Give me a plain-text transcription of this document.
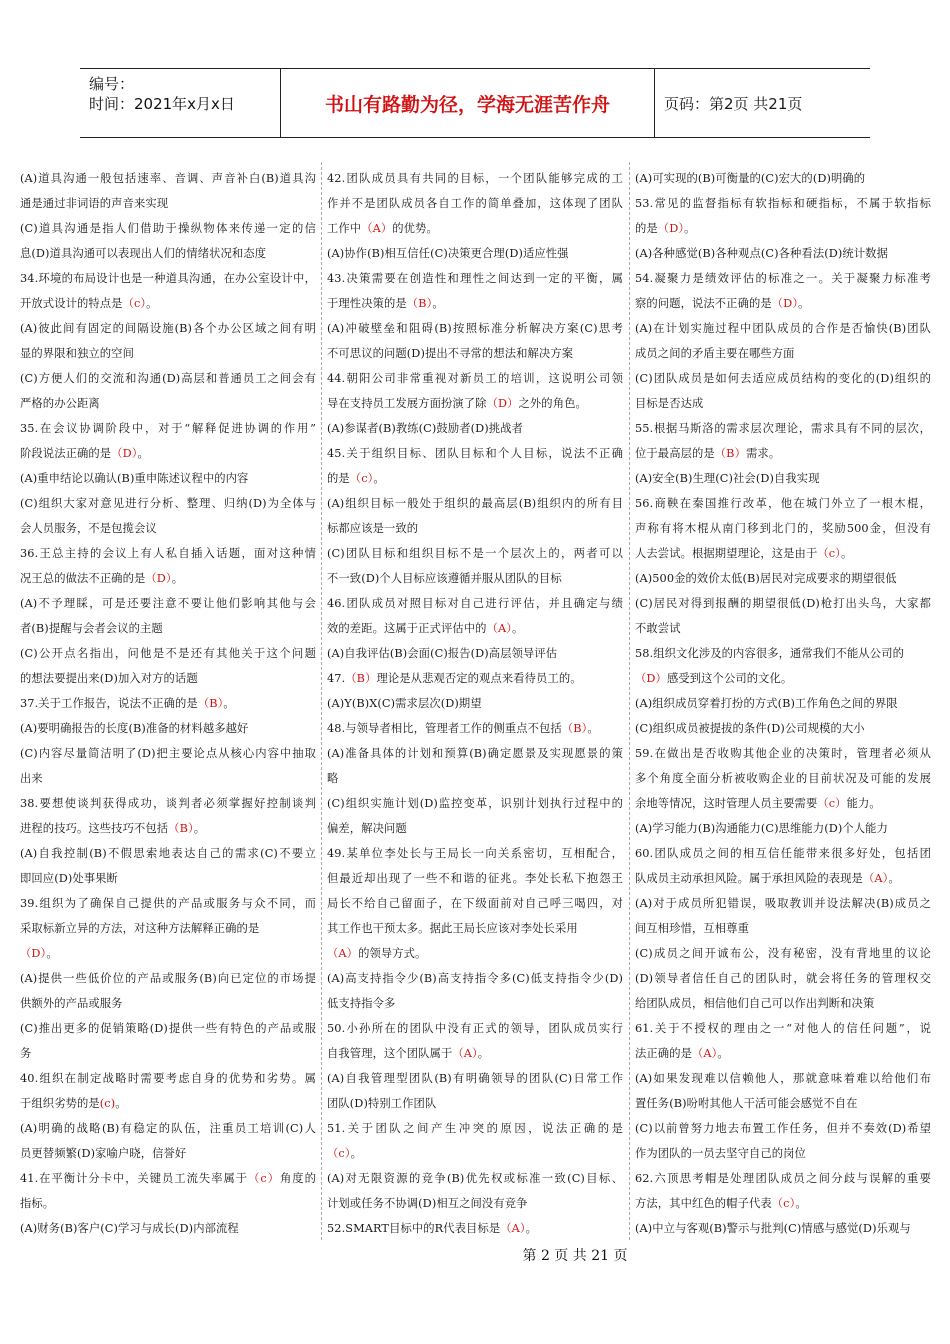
编号：
时间：2021年x月x日	书山有路勤为径，学海无涯苦作舟	页码：第2页 共21页
(A)道具沟通一般包括速率、音调、声音补白(B)道具沟
通是通过非词语的声音来实现
(C)道具沟通是指人们借助于操纵物体来传递一定的信
息(D)道具沟通可以表现出人们的情绪状况和态度
34.环境的布局设计也是一种道具沟通，在办公室设计中，
开放式设计的特点是（c）。
(A)彼此间有固定的间隔设施(B)各个办公区域之间有明
显的界限和独立的空间
(C)方便人们的交流和沟通(D)高层和普通员工之间会有
严格的办公距离
35.在会议协调阶段中，对于“解释促进协调的作用”
阶段说法正确的是（D）。
(A)重申结论以确认(B)重申陈述议程中的内容
(C)组织大家对意见进行分析、整理、归纳(D)为全体与
会人员服务，不是包揽会议
36.王总主持的会议上有人私自插入话题，面对这种情
况王总的做法不正确的是（D）。
(A)不予理睬，可是还要注意不要让他们影响其他与会
者(B)提醒与会者会议的主题
(C)公开点名指出，问他是不是还有其他关于这个问题
的想法要提出来(D)加入对方的话题
37.关于工作报告，说法不正确的是（B）。
(A)要明确报告的长度(B)准备的材料越多越好
(C)内容尽量简洁明了(D)把主要论点从核心内容中抽取
出来
38.要想使谈判获得成功，谈判者必须掌握好控制谈判
进程的技巧。这些技巧不包括（B）。
(A)自我控制(B)不假思索地表达自己的需求(C)不要立
即回应(D)处事果断
39.组织为了确保自己提供的产品或服务与众不同，而
采取标新立异的方法，对这种方法解释正确的是
（D）。
(A)提供一些低价位的产品或服务(B)向已定位的市场提
供额外的产品或服务
(C)推出更多的促销策略(D)提供一些有特色的产品或服
务
40.组织在制定战略时需要考虑自身的优势和劣势。属
于组织劣势的是(c)。
(A)明确的战略(B)有稳定的队伍，注重员工培训(C)人
员更替频繁(D)家喻户晓，信誉好
41.在平衡计分卡中，关键员工流失率属于（c）角度的
指标。
(A)财务(B)客户(C)学习与成长(D)内部流程
42.团队成员具有共同的目标，一个团队能够完成的工
作并不是团队成员各自工作的简单叠加，这体现了团队
工作中（A）的优势。
(A)协作(B)相互信任(C)决策更合理(D)适应性强
43.决策需要在创造性和理性之间达到一定的平衡，属
于理性决策的是（B）。
(A)冲破壁垒和阻碍(B)按照标准分析解决方案(C)思考
不可思议的问题(D)提出不寻常的想法和解决方案
44.朝阳公司非常重视对新员工的培训，这说明公司领
导在支持员工发展方面扮演了除（D）之外的角色。
(A)参谋者(B)教练(C)鼓励者(D)挑战者
45.关于组织目标、团队目标和个人目标，说法不正确
的是（c）。
(A)组织目标一般处于组织的最高层(B)组织内的所有目
标都应该是一致的
(C)团队目标和组织目标不是一个层次上的，两者可以
不一致(D)个人目标应该遵循并服从团队的目标
46.团队成员对照目标对自己进行评估，并且确定与绩
效的差距。这属于正式评估中的（A）。
(A)自我评估(B)会面(C)报告(D)高层领导评估
47.（B）理论是从悲观否定的观点来看待员工的。
(A)Y(B)X(C)需求层次(D)期望
48.与领导者相比，管理者工作的侧重点不包括（B）。
(A)准备具体的计划和预算(B)确定愿景及实现愿景的策
略
(C)组织实施计划(D)监控变革，识别计划执行过程中的
偏差，解决问题
49.某单位李处长与王局长一向关系密切，互相配合，
但最近却出现了一些不和谐的征兆。李处长私下抱怨王
局长不给自己留面子，在下级面前对自己呼三喝四，对
其工作也干预太多。据此王局长应该对李处长采用
（A）的领导方式。
(A)高支持指令少(B)高支持指令多(C)低支持指令少(D)
低支持指令多
50.小孙所在的团队中没有正式的领导，团队成员实行
自我管理，这个团队属于（A）。
(A)自我管理型团队(B)有明确领导的团队(C)日常工作
团队(D)特别工作团队
51.关于团队之间产生冲突的原因，说法正确的是
（c）。
(A)对无限资源的竞争(B)优先权或标准一致(C)目标、
计划或任务不协调(D)相互之间没有竞争
52.SMART目标中的R代表目标是（A）。
(A)可实现的(B)可衡量的(C)宏大的(D)明确的
53.常见的监督指标有软指标和硬指标，不属于软指标
的是（D）。
(A)各种感觉(B)各种观点(C)各种看法(D)统计数据
54.凝聚力是绩效评估的标准之一。关于凝聚力标准考
察的问题，说法不正确的是（D）。
(A)在计划实施过程中团队成员的合作是否愉快(B)团队
成员之间的矛盾主要在哪些方面
(C)团队成员是如何去适应成员结构的变化的(D)组织的
目标是否达成
55.根据马斯洛的需求层次理论，需求具有不同的层次，
位于最高层的是（B）需求。
(A)安全(B)生理(C)社会(D)自我实现
56.商鞅在秦国推行改革，他在城门外立了一根木棍，
声称有将木棍从南门移到北门的，奖励500金，但没有
人去尝试。根据期望理论，这是由于（c）。
(A)500金的效价太低(B)居民对完成要求的期望很低
(C)居民对得到报酬的期望很低(D)枪打出头鸟，大家都
不敢尝试
58.组织文化涉及的内容很多，通常我们不能从公司的
（D）感受到这个公司的文化。
(A)组织成员穿着打扮的方式(B)工作角色之间的界限
(C)组织成员被提拔的条件(D)公司规模的大小
59.在做出是否收购其他企业的决策时，管理者必须从
多个角度全面分析被收购企业的目前状况及可能的发展
余地等情况，这时管理人员主要需要（c）能力。
(A)学习能力(B)沟通能力(C)思维能力(D)个人能力
60.团队成员之间的相互信任能带来很多好处，包括团
队成员主动承担风险。属于承担风险的表现是（A）。
(A)对于成员所犯错误，吸取教训并设法解决(B)成员之
间互相珍惜，互相尊重
(C)成员之间开诚布公，没有秘密，没有背地里的议论
(D)领导者信任自己的团队时，就会将任务的管理权交
给团队成员，相信他们自己可以作出判断和决策
61.关于不授权的理由之一“对他人的信任问题”，说
法正确的是（A）。
(A)如果发现难以信赖他人，那就意味着难以给他们布
置任务(B)吩咐其他人干活可能会感觉不自在
(C)以前曾努力地去布置工作任务，但并不奏效(D)希望
作为团队的一员去坚守自己的岗位
62.六顶思考帽是处理团队成员之间分歧与误解的重要
方法，其中红色的帽子代表（c）。
(A)中立与客观(B)警示与批判(C)情感与感觉(D)乐观与
第 2 页 共 21 页
